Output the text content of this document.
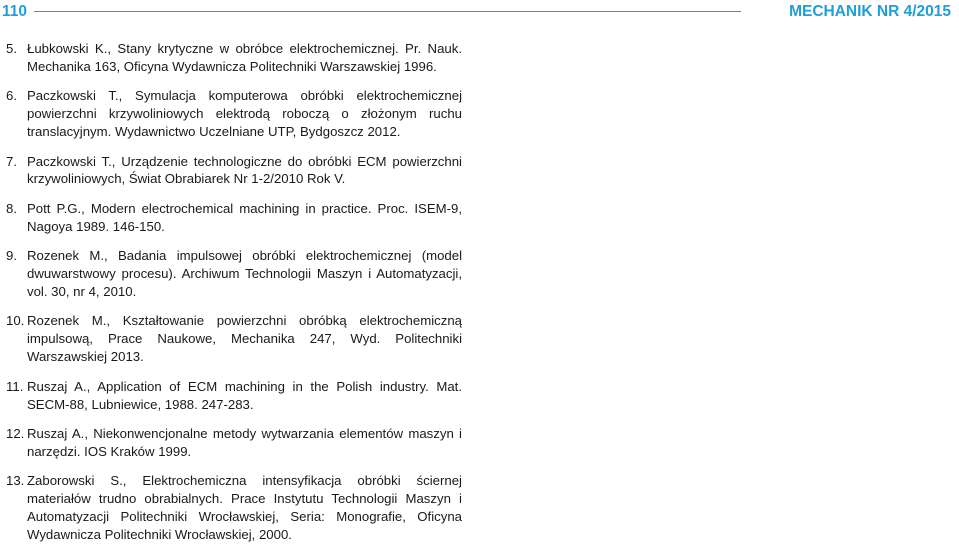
110	MECHANIK NR 4/2015
5. Łubkowski K., Stany krytyczne w obróbce elektrochemicznej. Pr. Nauk. Mechanika 163, Oficyna Wydawnicza Politechniki Warszawskiej 1996.
6. Paczkowski T., Symulacja komputerowa obróbki elektrochemicznej powierzchni krzywoliniowych elektrodą roboczą o złożonym ruchu translacyjnym. Wydawnictwo Uczelniane UTP, Bydgoszcz 2012.
7. Paczkowski T., Urządzenie technologiczne do obróbki ECM powierzchni krzywoliniowych, Świat Obrabiarek Nr 1-2/2010 Rok V.
8. Pott P.G., Modern electrochemical machining in practice. Proc. ISEM-9, Nagoya 1989. 146-150.
9. Rozenek M., Badania impulsowej obróbki elektrochemicznej (model dwuwarstwowy procesu). Archiwum Technologii Maszyn i Automatyzacji, vol. 30, nr 4, 2010.
10. Rozenek M., Kształtowanie powierzchni obróbką elektrochemiczną impulsową, Prace Naukowe, Mechanika 247, Wyd. Politechniki Warszawskiej 2013.
11. Ruszaj A., Application of ECM machining in the Polish industry. Mat. SECM-88, Lubniewice, 1988. 247-283.
12. Ruszaj A., Niekonwencjonalne metody wytwarzania elementów maszyn i narzędzi. IOS Kraków 1999.
13. Zaborowski S., Elektrochemiczna intensyfikacja obróbki ściernej materiałów trudno obrabialnych. Prace Instytutu Technologii Maszyn i Automatyzacji Politechniki Wrocławskiej, Seria: Monografie, Oficyna Wydawnicza Politechniki Wrocławskiej, 2000.
